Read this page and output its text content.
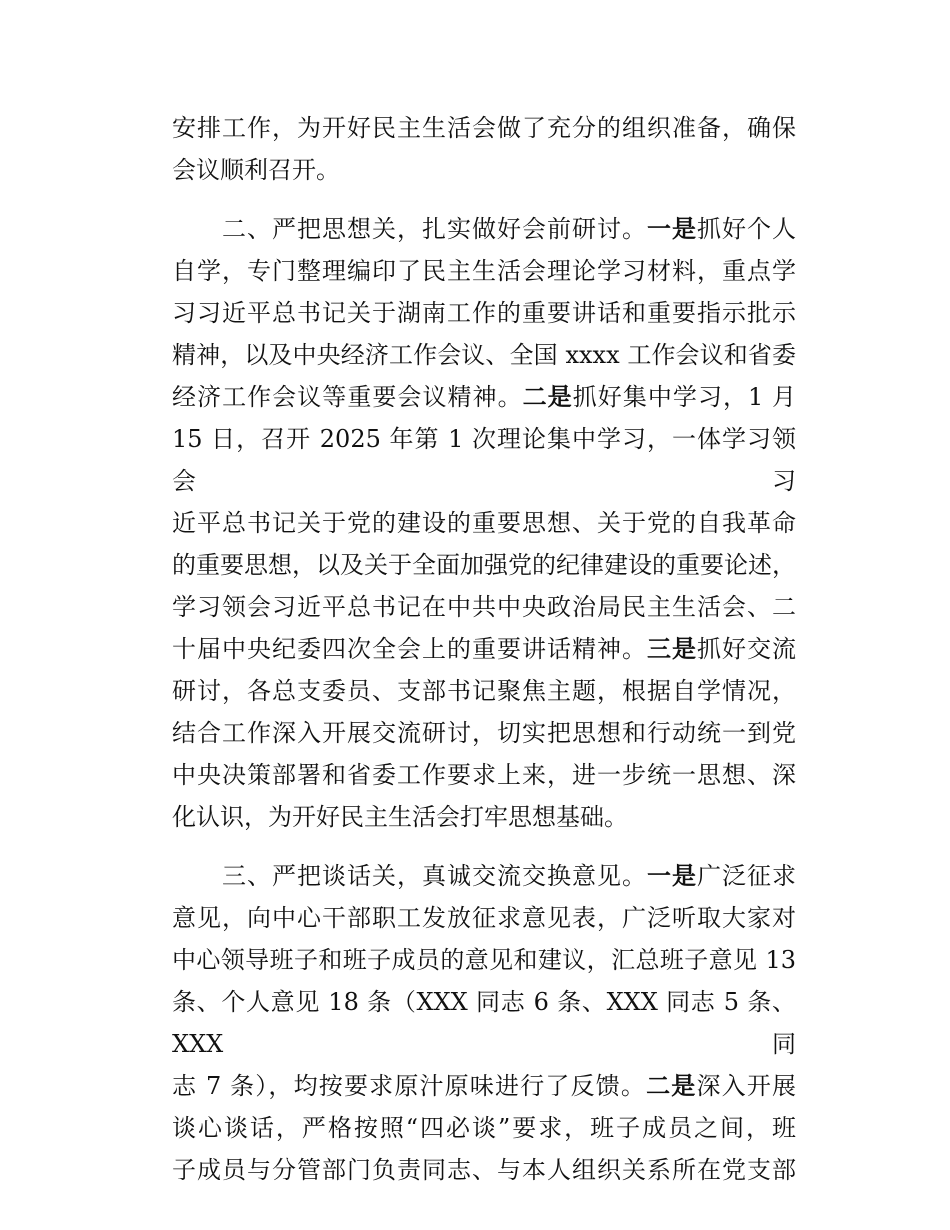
安排工作，为开好民主生活会做了充分的组织准备，确保
会议顺利召开。
　　二、严把思想关，扎实做好会前研讨。一是抓好个人
自学，专门整理编印了民主生活会理论学习材料，重点学
习习近平总书记关于湖南工作的重要讲话和重要指示批示
精神，以及中央经济工作会议、全国 xxxx 工作会议和省委
经济工作会议等重要会议精神。二是抓好集中学习，1 月
15 日，召开 2025 年第 1 次理论集中学习，一体学习领会习
近平总书记关于党的建设的重要思想、关于党的自我革命
的重要思想，以及关于全面加强党的纪律建设的重要论述，
学习领会习近平总书记在中共中央政治局民主生活会、二
十届中央纪委四次全会上的重要讲话精神。三是抓好交流
研讨，各总支委员、支部书记聚焦主题，根据自学情况，
结合工作深入开展交流研讨，切实把思想和行动统一到党
中央决策部署和省委工作要求上来，进一步统一思想、深
化认识，为开好民主生活会打牢思想基础。
　　三、严把谈话关，真诚交流交换意见。一是广泛征求
意见，向中心干部职工发放征求意见表，广泛听取大家对
中心领导班子和班子成员的意见和建议，汇总班子意见 13
条、个人意见 18 条（XXX 同志 6 条、XXX 同志 5 条、XXX 同
志 7 条），均按要求原汁原味进行了反馈。二是深入开展
谈心谈话，严格按照“四必谈”要求，班子成员之间，班
子成员与分管部门负责同志、与本人组织关系所在党支部
